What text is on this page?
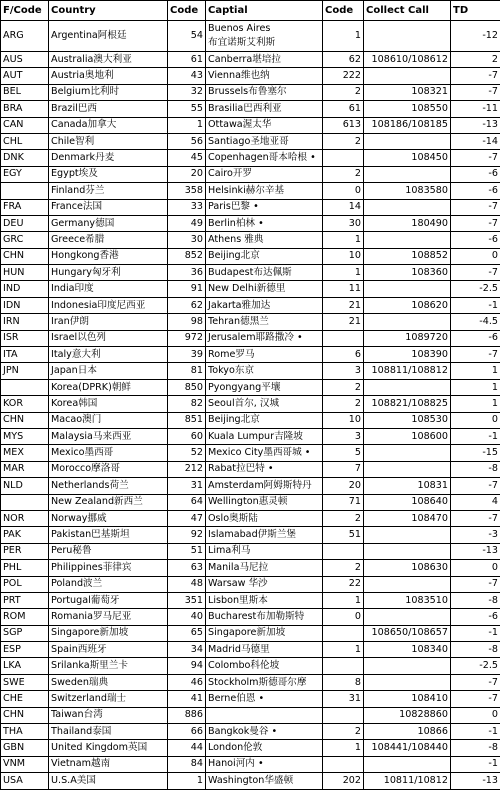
F/Code	Country	Code	Captial	Code	Collect Call	TD
ARG	Argentina阿根廷	54	Buenos Aires
布宜诺斯艾利斯	1		-12
AUS	Australia澳大利亚	61	Canberra堪培拉	62	108610/108612	2
AUT	Austria奥地利	43	Vienna维也纳	222		-7
BEL	Belgium比利时	32	Brussels布鲁塞尔	2	108321	-7
BRA	Brazil巴西	55	Brasilia巴西利亚	61	108550	-11
CAN	Canada加拿大	1	Ottawa渥太华	613	108186/108185	-13
CHL	Chile智利	56	Santiago圣地亚哥	2		-14
DNK	Denmark丹麦	45	Copenhagen哥本哈根 •		108450	-7
EGY	Egypt埃及	20	Cairo开罗	2		-6
	Finland芬兰	358	Helsinki赫尔辛基	0	1083580	-6
FRA	France法国	33	Paris巴黎 •	14		-7
DEU	Germany德国	49	Berlin柏林 •	30	180490	-7
GRC	Greece希腊	30	Athens 雅典	1		-6
CHN	Hongkong香港	852	Beijing北京	10	108852	0
HUN	Hungary匈牙利	36	Budapest布达佩斯	1	108360	-7
IND	India印度	91	New Delhi新德里	11		-2.5
IDN	Indonesia印度尼西亚	62	Jakarta雅加达	21	108620	-1
IRN	Iran伊朗	98	Tehran德黑兰	21		-4.5
ISR	Israel以色列	972	Jerusalem耶路撒冷 •		1089720	-6
ITA	Italy意大利	39	Rome罗马	6	108390	-7
JPN	Japan日本	81	Tokyo东京	3	108811/108812	1
	Korea(DPRK)朝鲜	850	Pyongyang平壤	2		1
KOR	Korea韩国	82	Seoul首尔, 汉城	2	108821/108825	1
CHN	Macao澳门	851	Beijing北京	10	108530	0
MYS	Malaysia马来西亚	60	Kuala Lumpur吉隆坡	3	108600	-1
MEX	Mexico墨西哥	52	Mexico City墨西哥城 •	5		-15
MAR	Morocco摩洛哥	212	Rabat拉巴特 •	7		-8
NLD	Netherlands荷兰	31	Amsterdam阿姆斯特丹	20	10831	-7
	New Zealand新西兰	64	Wellington惠灵顿	71	108640	4
NOR	Norway挪威	47	Oslo奥斯陆	2	108470	-7
PAK	Pakistan巴基斯坦	92	Islamabad伊斯兰堡	51		-3
PER	Peru秘鲁	51	Lima利马			-13
PHL	Philippines菲律宾	63	Manila马尼拉	2	108630	0
POL	Poland波兰	48	Warsaw 华沙	22		-7
PRT	Portugal葡萄牙	351	Lisbon里斯本	1	1083510	-8
ROM	Romania罗马尼亚	40	Bucharest布加勒斯特	0		-6
SGP	Singapore新加坡	65	Singapore新加坡		108650/108657	-1
ESP	Spain西班牙	34	Madrid马德里	1	108340	-8
LKA	Srilanka斯里兰卡	94	Colombo科伦坡			-2.5
SWE	Sweden瑞典	46	Stockholm斯德哥尔摩	8		-7
CHE	Switzerland瑞士	41	Berne伯恩 •	31	108410	-7
CHN	Taiwan台湾	886			10828860	0
THA	Thailand泰国	66	Bangkok曼谷 •	2	10866	-1
GBN	United Kingdom英国	44	London伦敦	1	108441/108440	-8
VNM	Vietnam越南	84	Hanoi河内 •			-1
USA	U.S.A美国	1	Washington华盛顿	202	10811/10812	-13
